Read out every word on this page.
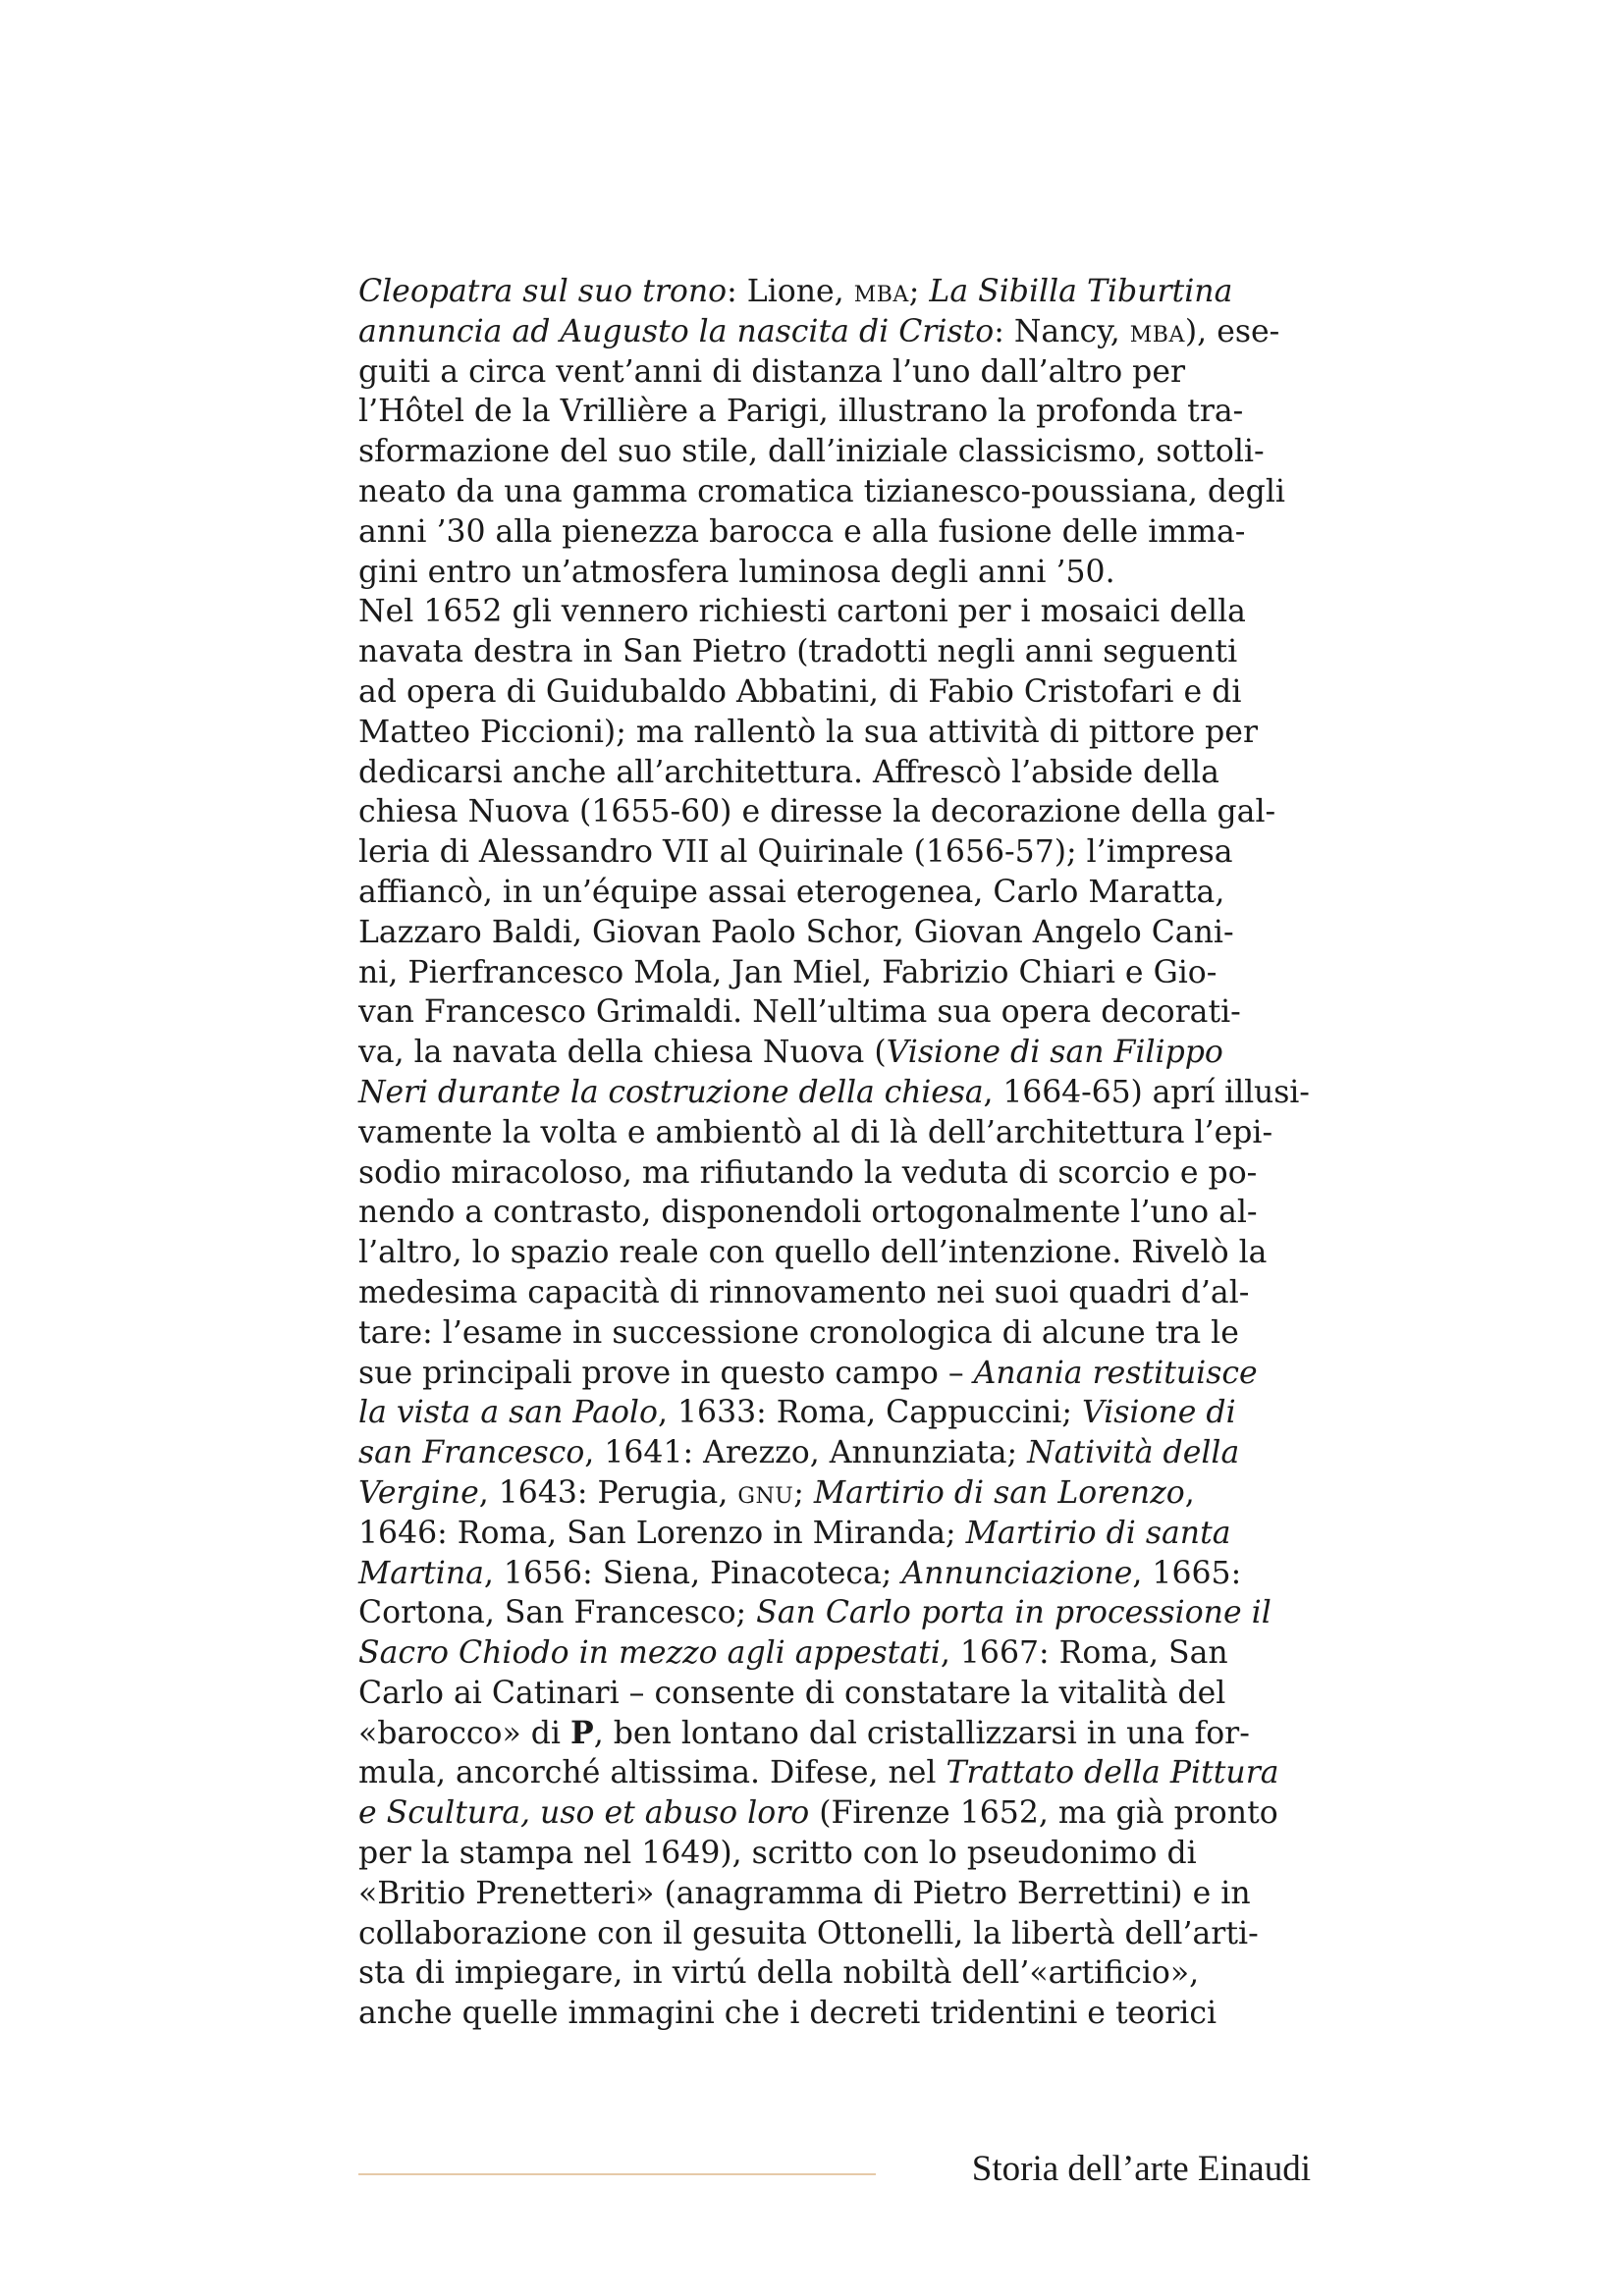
Cleopatra sul suo trono: Lione, mba; La Sibilla Tiburtina
annuncia ad Augusto la nascita di Cristo: Nancy, mba), ese-
guiti a circa vent’anni di distanza l’uno dall’altro per
l’Hôtel de la Vrillière a Parigi, illustrano la profonda tra-
sformazione del suo stile, dall’iniziale classicismo, sottoli-
neato da una gamma cromatica tizianesco-poussiana, degli
anni ’30 alla pienezza barocca e alla fusione delle imma-
gini entro un’atmosfera luminosa degli anni ’50.
Nel 1652 gli vennero richiesti cartoni per i mosaici della
navata destra in San Pietro (tradotti negli anni seguenti
ad opera di Guidubaldo Abbatini, di Fabio Cristofari e di
Matteo Piccioni); ma rallentò la sua attività di pittore per
dedicarsi anche all’architettura. Affrescò l’abside della
chiesa Nuova (1655-60) e diresse la decorazione della gal-
leria di Alessandro VII al Quirinale (1656-57); l’impresa
affiancò, in un’équipe assai eterogenea, Carlo Maratta,
Lazzaro Baldi, Giovan Paolo Schor, Giovan Angelo Cani-
ni, Pierfrancesco Mola, Jan Miel, Fabrizio Chiari e Gio-
van Francesco Grimaldi. Nell’ultima sua opera decorati-
va, la navata della chiesa Nuova (Visione di san Filippo
Neri durante la costruzione della chiesa, 1664-65) aprí illusi-
vamente la volta e ambientò al di là dell’architettura l’epi-
sodio miracoloso, ma rifiutando la veduta di scorcio e po-
nendo a contrasto, disponendoli ortogonalmente l’uno al-
l’altro, lo spazio reale con quello dell’intenzione. Rivelò la
medesima capacità di rinnovamento nei suoi quadri d’al-
tare: l’esame in successione cronologica di alcune tra le
sue principali prove in questo campo – Anania restituisce
la vista a san Paolo, 1633: Roma, Cappuccini; Visione di
san Francesco, 1641: Arezzo, Annunziata; Natività della
Vergine, 1643: Perugia, gnu; Martirio di san Lorenzo,
1646: Roma, San Lorenzo in Miranda; Martirio di santa
Martina, 1656: Siena, Pinacoteca; Annunciazione, 1665:
Cortona, San Francesco; San Carlo porta in processione il
Sacro Chiodo in mezzo agli appestati, 1667: Roma, San
Carlo ai Catinari – consente di constatare la vitalità del
«barocco» di P, ben lontano dal cristallizzarsi in una for-
mula, ancorché altissima. Difese, nel Trattato della Pittura
e Scultura, uso et abuso loro (Firenze 1652, ma già pronto
per la stampa nel 1649), scritto con lo pseudonimo di
«Britio Prenetteri» (anagramma di Pietro Berrettini) e in
collaborazione con il gesuita Ottonelli, la libertà dell’arti-
sta di impiegare, in virtú della nobiltà dell’«artificio»,
anche quelle immagini che i decreti tridentini e teorici
Storia dell’arte Einaudi
